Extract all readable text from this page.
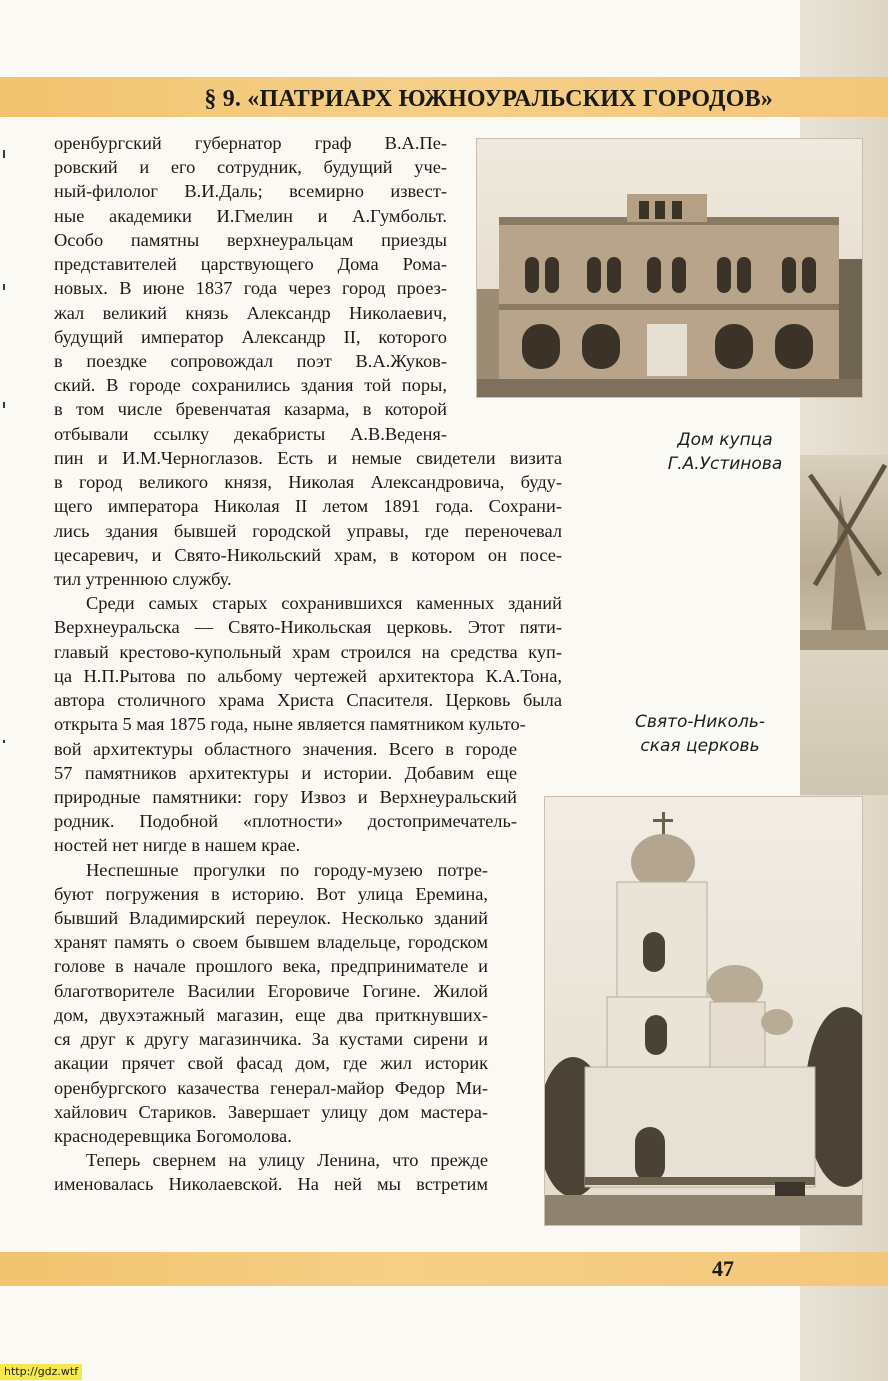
§ 9. «ПАТРИАРХ ЮЖНОУРАЛЬСКИХ ГОРОДОВ»
оренбургский губернатор граф В.А.Пе-
ровский и его сотрудник, будущий уче-
ный-филолог В.И.Даль; всемирно извест-
ные академики И.Гмелин и А.Гумбольт.
Особо памятны верхнеуральцам приезды
представителей царствующего Дома Рома-
новых. В июне 1837 года через город проез-
жал великий князь Александр Николаевич,
будущий император Александр II, которого
в поездке сопровождал поэт В.А.Жуков-
ский. В городе сохранились здания той поры,
в том числе бревенчатая казарма, в которой
отбывали ссылку декабристы А.В.Веденя-
пин и И.М.Черноглазов. Есть и немые свидетели визита
в город великого князя, Николая Александровича, буду-
щего императора Николая II летом 1891 года. Сохрани-
лись здания бывшей городской управы, где переночевал
цесаревич, и Свято-Никольский храм, в котором он посе-
тил утреннюю службу.
Среди самых старых сохранившихся каменных зданий
Верхнеуральска — Свято-Никольская церковь. Этот пяти-
главый крестово-купольный храм строился на средства куп-
ца Н.П.Рытова по альбому чертежей архитектора К.А.Тона,
автора столичного храма Христа Спасителя. Церковь была
открыта 5 мая 1875 года, ныне является памятником культо-
вой архитектуры областного значения. Всего в городе
57 памятников архитектуры и истории. Добавим еще
природные памятники: гору Извоз и Верхнеуральский
родник. Подобной «плотности» достопримечатель-
ностей нет нигде в нашем крае.
Неспешные прогулки по городу-музею потре-
буют погружения в историю. Вот улица Еремина,
бывший Владимирский переулок. Несколько зданий
хранят память о своем бывшем владельце, городском
голове в начале прошлого века, предпринимателе и
благотворителе Василии Егоровиче Гогине. Жилой
дом, двухэтажный магазин, еще два приткнувших-
ся друг к другу магазинчика. За кустами сирени и
акации прячет свой фасад дом, где жил историк
оренбургского казачества генерал-майор Федор Ми-
хайлович Стариков. Завершает улицу дом мастера-
краснодеревщика Богомолова.
Теперь свернем на улицу Ленина, что прежде
именовалась Николаевской. На ней мы встретим
Дом купца
Г.А.Устинова
Свято-Николь-
ская церковь
47
http://gdz.wtf
